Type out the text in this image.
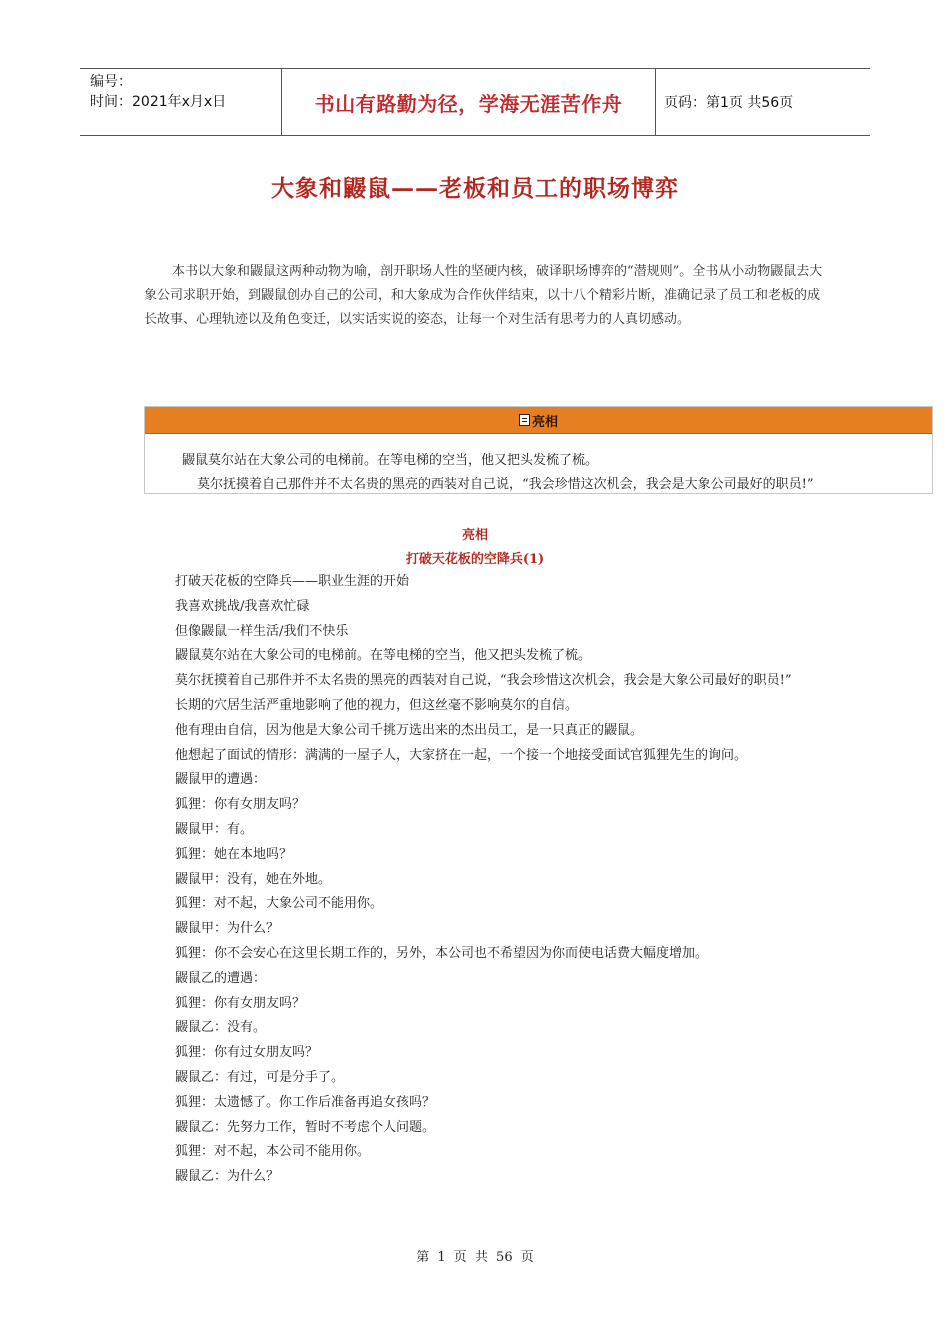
编号：
时间：2021年x月x日	书山有路勤为径，学海无涯苦作舟	页码：第1页 共56页
大象和鼹鼠——老板和员工的职场博弈

本书以大象和鼹鼠这两种动物为喻，剖开职场人性的坚硬内核，破译职场博弈的“潜规则”。全书从小动物鼹鼠去大象公司求职开始，到鼹鼠创办自己的公司，和大象成为合作伙伴结束，以十八个精彩片断，准确记录了员工和老板的成长故事、心理轨迹以及角色变迁，以实话实说的姿态，让每一个对生活有思考力的人真切感动。

亮相
鼹鼠莫尔站在大象公司的电梯前。在等电梯的空当，他又把头发梳了梳。
莫尔抚摸着自己那件并不太名贵的黑亮的西装对自己说，“我会珍惜这次机会，我会是大象公司最好的职员!”
亮相
打破天花板的空降兵(1)

打破天花板的空降兵——职业生涯的开始

我喜欢挑战/我喜欢忙碌

但像鼹鼠一样生活/我们不快乐

鼹鼠莫尔站在大象公司的电梯前。在等电梯的空当，他又把头发梳了梳。

莫尔抚摸着自己那件并不太名贵的黑亮的西装对自己说，“我会珍惜这次机会，我会是大象公司最好的职员!”

长期的穴居生活严重地影响了他的视力，但这丝毫不影响莫尔的自信。

他有理由自信，因为他是大象公司千挑万选出来的杰出员工，是一只真正的鼹鼠。

他想起了面试的情形：满满的一屋子人，大家挤在一起，一个接一个地接受面试官狐狸先生的询问。

鼹鼠甲的遭遇：

狐狸：你有女朋友吗？

鼹鼠甲：有。

狐狸：她在本地吗？

鼹鼠甲：没有，她在外地。

狐狸：对不起，大象公司不能用你。

鼹鼠甲：为什么？

狐狸：你不会安心在这里长期工作的，另外，本公司也不希望因为你而使电话费大幅度增加。

鼹鼠乙的遭遇：

狐狸：你有女朋友吗？

鼹鼠乙：没有。

狐狸：你有过女朋友吗？

鼹鼠乙：有过，可是分手了。

狐狸：太遗憾了。你工作后准备再追女孩吗？

鼹鼠乙：先努力工作，暂时不考虑个人问题。

狐狸：对不起，本公司不能用你。

鼹鼠乙：为什么？

第 1 页 共 56 页
